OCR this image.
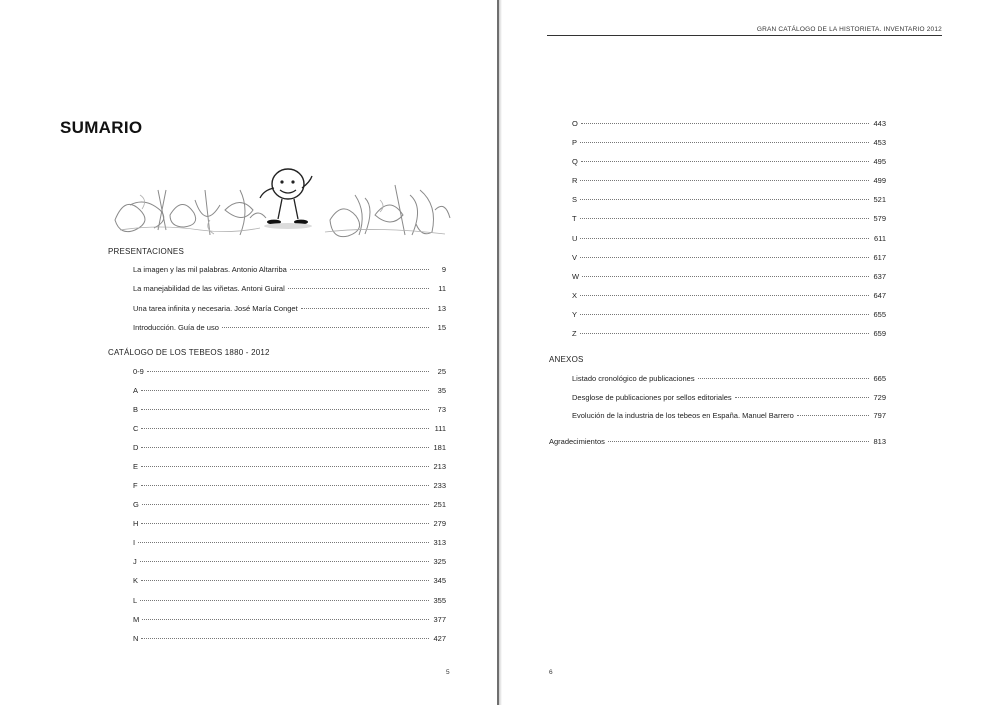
SUMARIO
PRESENTACIONES
La imagen y las mil palabras. Antonio Altarriba	9
La manejabilidad de las viñetas. Antoni Guiral	11
Una tarea infinita y necesaria. José María Conget	13
Introducción. Guía de uso	15
CATÁLOGO DE LOS TEBEOS 1880 - 2012
0-9	25
A	35
B	73
C	111
D	181
E	213
F	233
G	251
H	279
I	313
J	325
K	345
L	355
M	377
N	427
5
GRAN CATÁLOGO DE LA HISTORIETA. INVENTARIO 2012
O	443
P	453
Q	495
R	499
S	521
T	579
U	611
V	617
W	637
X	647
Y	655
Z	659
ANEXOS
Listado cronológico de publicaciones	665
Desglose de publicaciones por sellos editoriales	729
Evolución de la industria de los tebeos en España. Manuel Barrero	797
Agradecimientos	813
6
